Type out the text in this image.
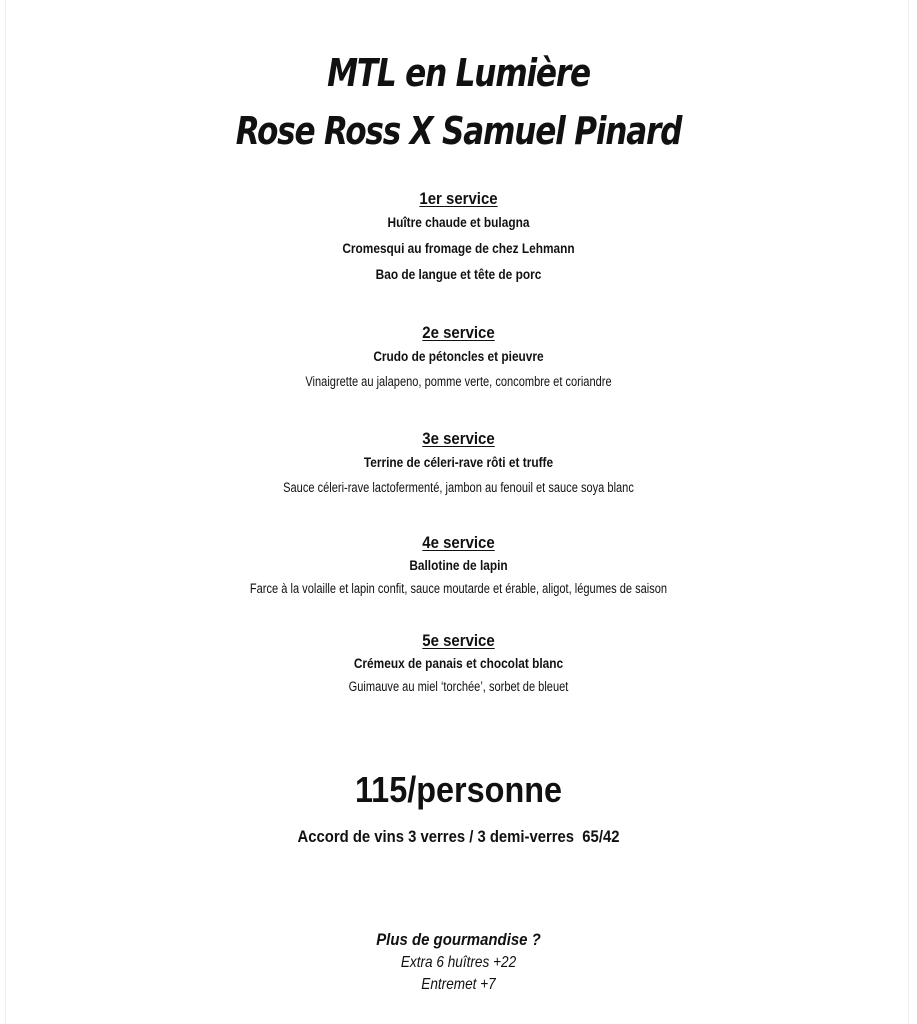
MTL en Lumière
Rose Ross X Samuel Pinard
1er service
Huître chaude et bulagna
Cromesqui au fromage de chez Lehmann
Bao de langue et tête de porc
2e service
Crudo de pétoncles et pieuvre
Vinaigrette au jalapeno, pomme verte, concombre et coriandre
3e service
Terrine de céleri-rave rôti et truffe
Sauce céleri-rave lactofermenté, jambon au fenouil et sauce soya blanc
4e service
Ballotine de lapin
Farce à la volaille et lapin confit, sauce moutarde et érable, aligot, légumes de saison
5e service
Crémeux de panais et chocolat blanc
Guimauve au miel ‘torchée’, sorbet de bleuet
115/personne
Accord de vins 3 verres / 3 demi-verres  65/42
Plus de gourmandise ?
Extra 6 huîtres +22
Entremet +7
